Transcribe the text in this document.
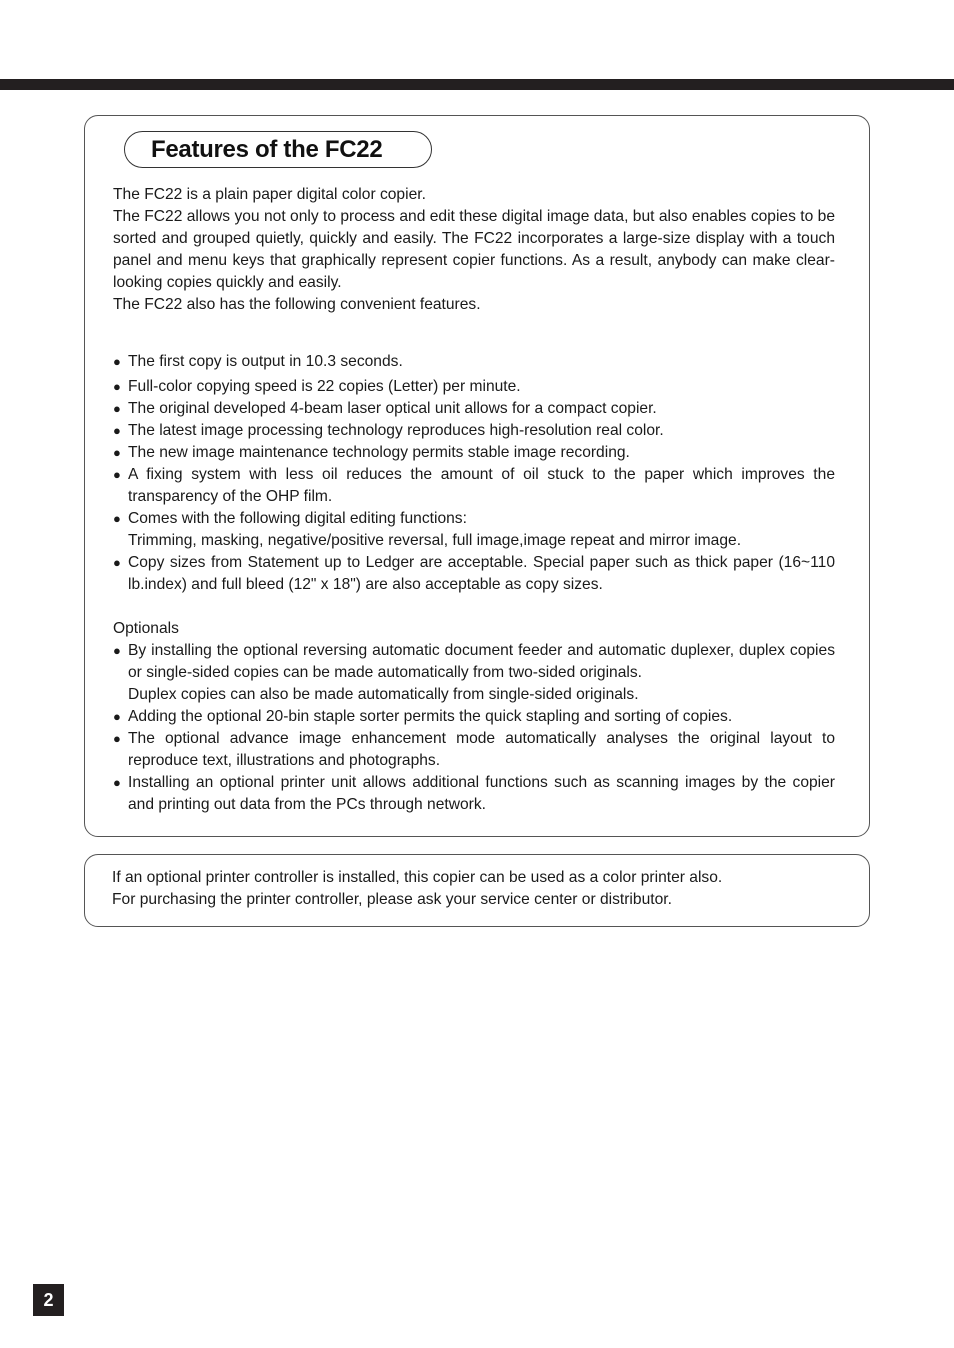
Features of the FC22

The FC22 is a plain paper digital color copier.

The FC22 allows you not only to process and edit these digital image data, but also enables copies to be sorted and grouped quietly, quickly and easily. The FC22 incorporates a large-size display with a touch panel and menu keys that graphically represent copier functions. As a result, anybody can make clear-looking copies quickly and easily.

The FC22 also has the following convenient features.

● The first copy is output in 10.3 seconds.
● Full-color copying speed is 22 copies (Letter) per minute.
● The original developed 4-beam laser optical unit allows for a compact copier.
● The latest image processing technology reproduces high-resolution real color.
● The new image maintenance technology permits stable image recording.
● A fixing system with less oil reduces the amount of oil stuck to the paper which improves the transparency of the OHP film.
● Comes with the following digital editing functions:
Trimming, masking, negative/positive reversal, full image,image repeat and mirror image.
● Copy sizes from Statement up to Ledger are acceptable. Special paper such as thick paper (16~110 lb.index) and full bleed (12" x 18") are also acceptable as copy sizes.

Optionals

● By installing the optional reversing automatic document feeder and automatic duplexer, duplex copies or single-sided copies can be made automatically from two-sided originals.
Duplex copies can also be made automatically from single-sided originals.
● Adding the optional 20-bin staple sorter permits the quick stapling and sorting of copies.
● The optional advance image enhancement mode automatically analyses the original layout to reproduce text, illustrations and photographs.
● Installing an optional printer unit allows additional functions such as scanning images by the copier and printing out data from the PCs through network.

If an optional printer controller is installed, this copier can be used as a color printer also.

For purchasing the printer controller, please ask your service center or distributor.

2
